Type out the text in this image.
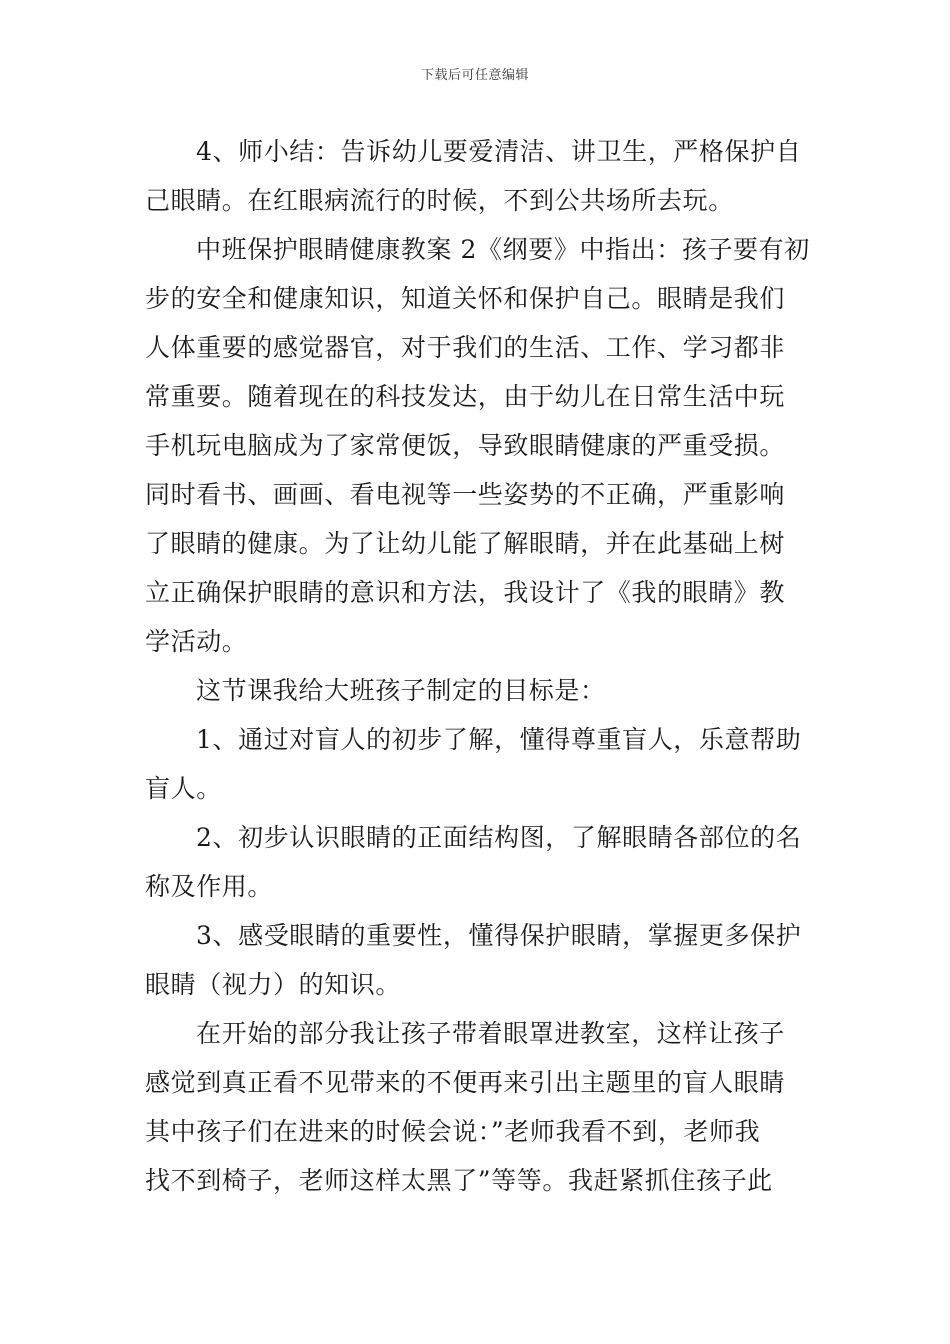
下载后可任意编辑
4、师小结：告诉幼儿要爱清洁、讲卫生，严格保护自
己眼睛。在红眼病流行的时候，不到公共场所去玩。
中班保护眼睛健康教案 2《纲要》中指出：孩子要有初
步的安全和健康知识，知道关怀和保护自己。眼睛是我们
人体重要的感觉器官，对于我们的生活、工作、学习都非
常重要。随着现在的科技发达，由于幼儿在日常生活中玩
手机玩电脑成为了家常便饭，导致眼睛健康的严重受损。
同时看书、画画、看电视等一些姿势的不正确，严重影响
了眼睛的健康。为了让幼儿能了解眼睛，并在此基础上树
立正确保护眼睛的意识和方法，我设计了《我的眼睛》教
学活动。
这节课我给大班孩子制定的目标是：
1、通过对盲人的初步了解，懂得尊重盲人，乐意帮助
盲人。
2、初步认识眼睛的正面结构图，了解眼睛各部位的名
称及作用。
3、感受眼睛的重要性，懂得保护眼睛，掌握更多保护
眼睛（视力）的知识。
在开始的部分我让孩子带着眼罩进教室，这样让孩子
感觉到真正看不见带来的不便再来引出主题里的盲人眼睛
其中孩子们在进来的时候会说：”老师我看不到，老师我
找不到椅子，老师这样太黑了”等等。我赶紧抓住孩子此
